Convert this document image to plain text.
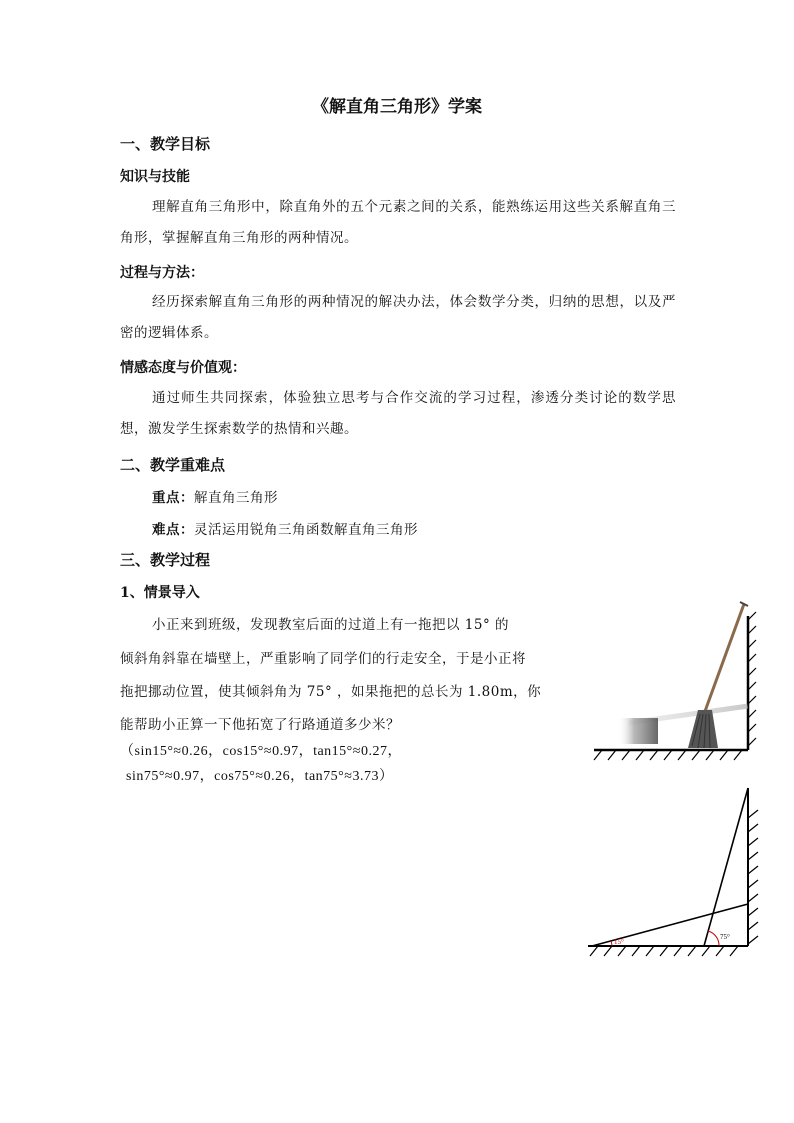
《解直角三角形》学案
一、教学目标
知识与技能
理解直角三角形中，除直角外的五个元素之间的关系，能熟练运用这些关系解直角三角形，掌握解直角三角形的两种情况。
过程与方法：
经历探索解直角三角形的两种情况的解决办法，体会数学分类，归纳的思想，以及严密的逻辑体系。
情感态度与价值观：
通过师生共同探索，体验独立思考与合作交流的学习过程，渗透分类讨论的数学思想，激发学生探索数学的热情和兴趣。
二、教学重难点
重点：解直角三角形
难点：灵活运用锐角三角函数解直角三角形
三、教学过程
1、情景导入
小正来到班级，发现教室后面的过道上有一拖把以 15° 的
倾斜角斜靠在墙壁上，严重影响了同学们的行走安全，于是小正将
拖把挪动位置，使其倾斜角为 75° ，如果拖把的总长为 1.80m，你
能帮助小正算一下他拓宽了行路通道多少米？
（sin15°≈0.26，cos15°≈0.97，tan15°≈0.27，
sin75°≈0.97，cos75°≈0.26，tan75°≈3.73）
15°
75°
